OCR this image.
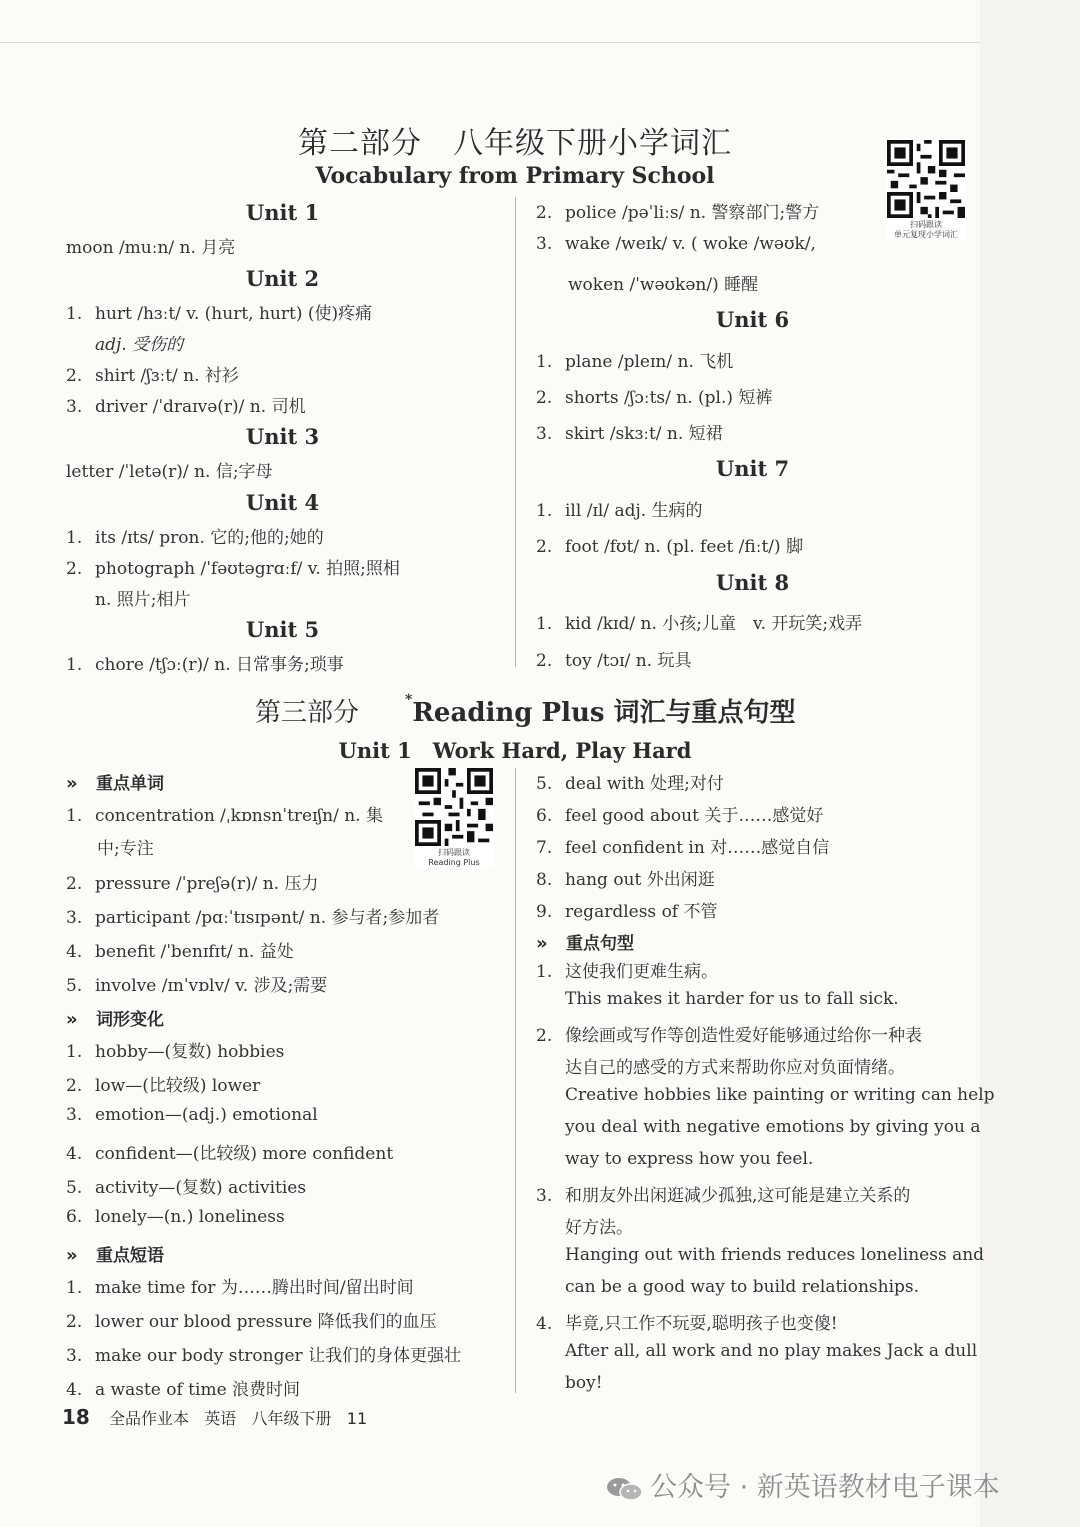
第二部分　八年级下册小学词汇
Vocabulary from Primary School
扫码跟读
单元复现小学词汇
Unit 1
moon /muːn/ n. 月亮
Unit 2
1. hurt /hɜːt/ v. (hurt, hurt) (使)疼痛
adj. 受伤的
2. shirt /ʃɜːt/ n. 衬衫
3. driver /ˈdraɪvə(r)/ n. 司机
Unit 3
letter /ˈletə(r)/ n. 信;字母
Unit 4
1. its /ɪts/ pron. 它的;他的;她的
2. photograph /ˈfəʊtəgrɑːf/ v. 拍照;照相
n. 照片;相片
Unit 5
1. chore /tʃɔː(r)/ n. 日常事务;琐事
2. police /pəˈliːs/ n. 警察部门;警方
3. wake /weɪk/ v. ( woke /wəʊk/,
woken /ˈwəʊkən/) 睡醒
Unit 6
1. plane /pleɪn/ n. 飞机
2. shorts /ʃɔːts/ n. (pl.) 短裤
3. skirt /skɜːt/ n. 短裙
Unit 7
1. ill /ɪl/ adj. 生病的
2. foot /fʊt/ n. (pl. feet /fiːt/) 脚
Unit 8
1. kid /kɪd/ n. 小孩;儿童　v. 开玩笑;戏弄
2. toy /tɔɪ/ n. 玩具
第三部分	*Reading Plus 词汇与重点句型
Unit 1　Work Hard, Play Hard
扫码跟读
Reading Plus
» 重点单词
1. concentration /ˌkɒnsnˈtreɪʃn/ n. 集
中;专注
2. pressure /ˈpreʃə(r)/ n. 压力
3. participant /pɑːˈtɪsɪpənt/ n. 参与者;参加者
4. benefit /ˈbenɪfɪt/ n. 益处
5. involve /ɪnˈvɒlv/ v. 涉及;需要
» 词形变化
1. hobby—(复数) hobbies
2. low—(比较级) lower
3. emotion—(adj.) emotional
4. confident—(比较级) more confident
5. activity—(复数) activities
6. lonely—(n.) loneliness
» 重点短语
1. make time for 为……腾出时间/留出时间
2. lower our blood pressure 降低我们的血压
3. make our body stronger 让我们的身体更强壮
4. a waste of time 浪费时间
5. deal with 处理;对付
6. feel good about 关于……感觉好
7. feel confident in 对……感觉自信
8. hang out 外出闲逛
9. regardless of 不管
» 重点句型
1. 这使我们更难生病。
This makes it harder for us to fall sick.
2. 像绘画或写作等创造性爱好能够通过给你一种表
达自己的感受的方式来帮助你应对负面情绪。
Creative hobbies like painting or writing can help
you deal with negative emotions by giving you a
way to express how you feel.
3. 和朋友外出闲逛减少孤独,这可能是建立关系的
好方法。
Hanging out with friends reduces loneliness and
can be a good way to build relationships.
4. 毕竟,只工作不玩耍,聪明孩子也变傻!
After all, all work and no play makes Jack a dull
boy!
18 全品作业本 英语 八年级下册 11
公众号 · 新英语教材电子课本
